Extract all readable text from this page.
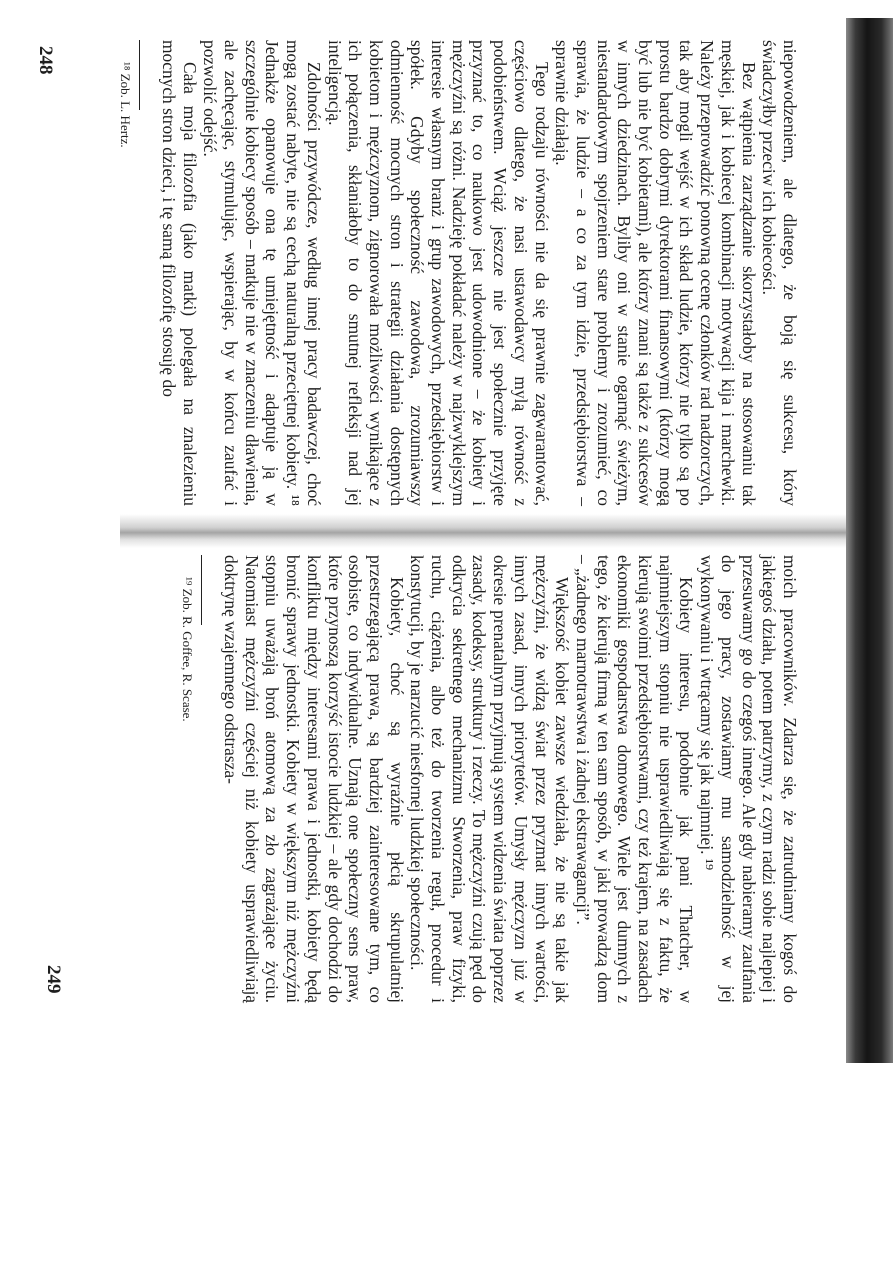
niepowodzeniem, ale dlatego, że boją się sukcesu, który świadczyłby przeciw ich kobiecości.

Bez wątpienia zarządzanie skorzystałoby na stosowaniu tak męskiej, jak i kobiecej kombinacji motywacji kija i marchewki. Należy przeprowadzić ponowną ocenę członków rad nadzorczych, tak aby mogli wejść w ich skład ludzie, którzy nie tylko są po prostu bardzo dobrymi dyrektorami finansowymi (którzy mogą być lub nie być kobietami), ale którzy znani są także z sukcesów w innych dziedzinach. Byliby oni w stanie ogarnąć świeżym, niestandardowym spojrzeniem stare problemy i zrozumieć, co sprawia, że ludzie – a co za tym idzie, przedsiębiorstwa – sprawnie działają.

Tego rodzaju równości nie da się prawnie zagwarantować, częściowo dlatego, że nasi ustawodawcy mylą równość z podobieństwem. Wciąż jeszcze nie jest społecznie przyjęte przyznać to, co naukowo jest udowodnione – że kobiety i mężczyźni są różni. Nadzieję pokładać należy w najzwyklejszym interesie własnym branż i grup zawodowych, przedsiębiorstw i spółek. Gdyby społeczność zawodowa, zrozumiawszy odmienność mocnych stron i strategii działania dostępnych kobietom i mężczyznom, zignorowała możliwości wynikające z ich połączenia, skłaniałoby to do smutnej refleksji nad jej inteligencją.

Zdolności przywódcze, według innej pracy badawczej, choć mogą zostać nabyte, nie są cechą naturalną przeciętnej kobiety. ¹⁸ Jednakże opanowuje ona tę umiejętność i adaptuje ją w szczególnie kobiecy sposób – matkuje nie w znaczeniu dławienia, ale zachęcając, stymulując, wspierając, by w końcu zaufać i pozwolić odejść.

Cała moja filozofia (jako matki) polegała na znalezieniu mocnych stron dzieci, i tę samą filozofię stosuję do

¹⁸ Zob. L. Hertz.

moich pracowników. Zdarza się, że zatrudniamy kogoś do jakiegoś działu, potem patrzymy, z czym radzi sobie najlepiej i przesuwamy go do czegoś innego. Ale gdy nabieramy zaufania do jego pracy, zostawiamy mu samodzielność w jej wykonywaniu i wtrącamy się jak najmniej. ¹⁹

Kobiety interesu, podobnie jak pani Thatcher, w najmniejszym stopniu nie usprawiedliwiają się z faktu, że kierują swoimi przedsiębiorstwami, czy też krajem, na zasadach ekonomiki gospodarstwa domowego. Wiele jest dumnych z tego, że kierują firmą w ten sam sposób, w jaki prowadzą dom – „żadnego marnotrawstwa i żadnej ekstrawagancji”.

Większość kobiet zawsze wiedziała, że nie są takie jak mężczyźni, że widzą świat przez pryzmat innych wartości, innych zasad, innych priorytetów. Umysły mężczyzn już w okresie prenatalnym przyjmują system widzenia świata poprzez zasady, kodeksy, struktury i rzeczy. To mężczyźni czują pęd do odkrycia sekretnego mechanizmu Stworzenia, praw fizyki, ruchu, ciążenia, albo też do tworzenia reguł, procedur i konstytucji, by je narzucić niesfornej ludzkiej społeczności.

Kobiety, choć są wyraźnie płcią skrupulatniej przestrzegającą prawa, są bardziej zainteresowane tym, co osobiste, co indywidualne. Uznają one społeczny sens praw, które przynoszą korzyść istocie ludzkiej – ale gdy dochodzi do konfliktu między interesami prawa i jednostki, kobiety będą bronić sprawy jednostki. Kobiety w większym niż mężczyźni stopniu uważają broń atomową za zło zagrażające życiu. Natomiast mężczyźni częściej niż kobiety usprawiedliwiają doktrynę wzajemnego odstrasza-

¹⁹ Zob. R. Goffee, R. Scase.

248
249
